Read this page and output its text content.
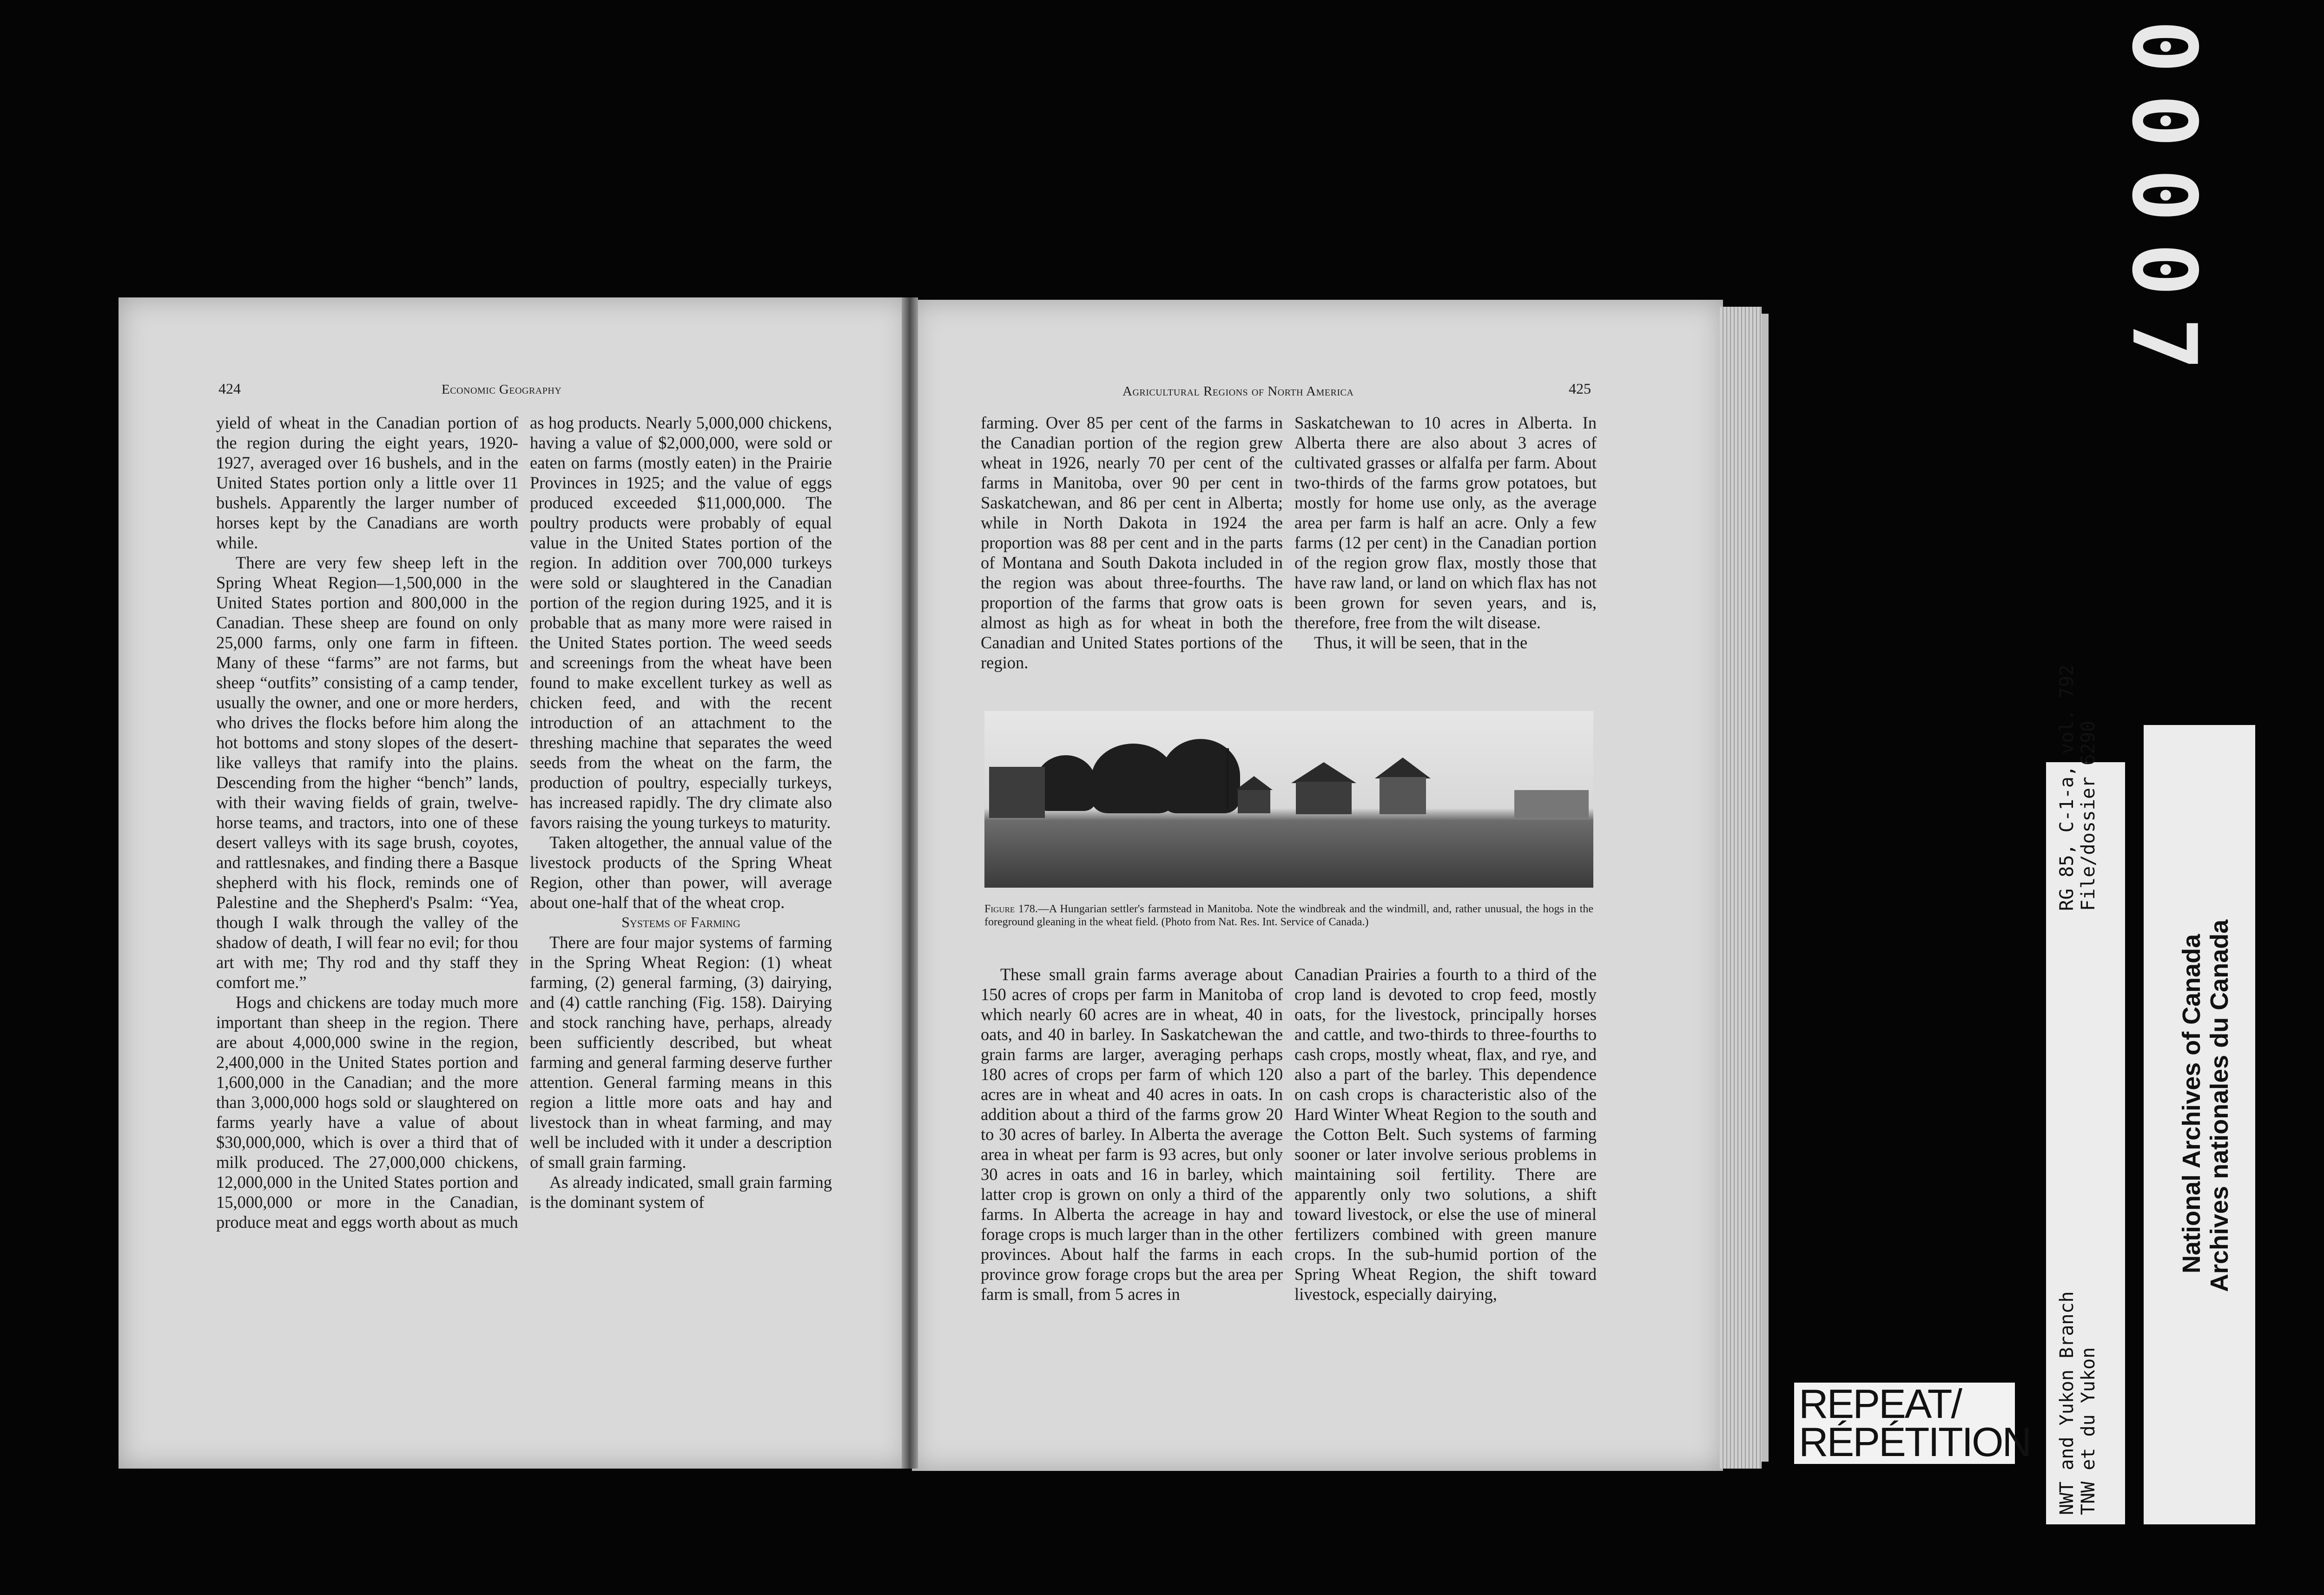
424	Economic Geography

yield of wheat in the Canadian portion of the region during the eight years, 1920-1927, averaged over 16 bushels, and in the United States portion only a little over 11 bushels. Apparently the larger number of horses kept by the Canadians are worth while.

There are very few sheep left in the Spring Wheat Region—1,500,000 in the United States portion and 800,000 in the Canadian. These sheep are found on only 25,000 farms, only one farm in fifteen. Many of these “farms” are not farms, but sheep “outfits” consisting of a camp tender, usually the owner, and one or more herders, who drives the flocks before him along the hot bottoms and stony slopes of the desert-like valleys that ramify into the plains. Descending from the higher “bench” lands, with their waving fields of grain, twelve-horse teams, and tractors, into one of these desert valleys with its sage brush, coyotes, and rattlesnakes, and finding there a Basque shepherd with his flock, reminds one of Palestine and the Shepherd's Psalm: “Yea, though I walk through the valley of the shadow of death, I will fear no evil; for thou art with me; Thy rod and thy staff they comfort me.”

Hogs and chickens are today much more important than sheep in the region. There are about 4,000,000 swine in the region, 2,400,000 in the United States portion and 1,600,000 in the Canadian; and the more than 3,000,000 hogs sold or slaughtered on farms yearly have a value of about $30,000,000, which is over a third that of milk produced. The 27,000,000 chickens, 12,000,000 in the United States portion and 15,000,000 or more in the Canadian, produce meat and eggs worth about as much

as hog products. Nearly 5,000,000 chickens, having a value of $2,000,000, were sold or eaten on farms (mostly eaten) in the Prairie Provinces in 1925; and the value of eggs produced exceeded $11,000,000. The poultry products were probably of equal value in the United States portion of the region. In addition over 700,000 turkeys were sold or slaughtered in the Canadian portion of the region during 1925, and it is probable that as many more were raised in the United States portion. The weed seeds and screenings from the wheat have been found to make excellent turkey as well as chicken feed, and with the recent introduction of an attachment to the threshing machine that separates the weed seeds from the wheat on the farm, the production of poultry, especially turkeys, has increased rapidly. The dry climate also favors raising the young turkeys to maturity.

Taken altogether, the annual value of the livestock products of the Spring Wheat Region, other than power, will average about one-half that of the wheat crop.

Systems of Farming

There are four major systems of farming in the Spring Wheat Region: (1) wheat farming, (2) general farming, (3) dairying, and (4) cattle ranching (Fig. 158). Dairying and stock ranching have, perhaps, already been sufficiently described, but wheat farming and general farming deserve further attention. General farming means in this region a little more oats and hay and livestock than in wheat farming, and may well be included with it under a description of small grain farming.

As already indicated, small grain farming is the dominant system of

Agricultural Regions of North America	425

farming. Over 85 per cent of the farms in the Canadian portion of the region grew wheat in 1926, nearly 70 per cent of the farms in Manitoba, over 90 per cent in Saskatchewan, and 86 per cent in Alberta; while in North Dakota in 1924 the proportion was 88 per cent and in the parts of Montana and South Dakota included in the region was about three-fourths. The proportion of the farms that grow oats is almost as high as for wheat in both the Canadian and United States portions of the region.

Saskatchewan to 10 acres in Alberta. In Alberta there are also about 3 acres of cultivated grasses or alfalfa per farm. About two-thirds of the farms grow potatoes, but mostly for home use only, as the average area per farm is half an acre. Only a few farms (12 per cent) in the Canadian portion of the region grow flax, mostly those that have raw land, or land on which flax has not been grown for seven years, and is, therefore, free from the wilt disease.

Thus, it will be seen, that in the

Figure 178.—A Hungarian settler's farmstead in Manitoba. Note the windbreak and the windmill, and, rather unusual, the hogs in the foreground gleaning in the wheat field. (Photo from Nat. Res. Int. Service of Canada.)

These small grain farms average about 150 acres of crops per farm in Manitoba of which nearly 60 acres are in wheat, 40 in oats, and 40 in barley. In Saskatchewan the grain farms are larger, averaging perhaps 180 acres of crops per farm of which 120 acres are in wheat and 40 acres in oats. In addition about a third of the farms grow 20 to 30 acres of barley. In Alberta the average area in wheat per farm is 93 acres, but only 30 acres in oats and 16 in barley, which latter crop is grown on only a third of the farms. In Alberta the acreage in hay and forage crops is much larger than in the other provinces. About half the farms in each province grow forage crops but the area per farm is small, from 5 acres in

Canadian Prairies a fourth to a third of the crop land is devoted to crop feed, mostly oats, for the livestock, principally horses and cattle, and two-thirds to three-fourths to cash crops, mostly wheat, flax, and rye, and also a part of the barley. This dependence on cash crops is characteristic also of the Hard Winter Wheat Region to the south and the Cotton Belt. Such systems of farming sooner or later involve serious problems in maintaining soil fertility. There are apparently only two solutions, a shift toward livestock, or else the use of mineral fertilizers combined with green manure crops. In the sub-humid portion of the Spring Wheat Region, the shift toward livestock, especially dairying,

0
0
0
0
7
REPEAT/
RÉPÉTITION
RG 85, C-1-a, vol. 792 File/dossier 6290
NWT and Yukon Branch TNW et du Yukon
National Archives of Canada Archives nationales du Canada
